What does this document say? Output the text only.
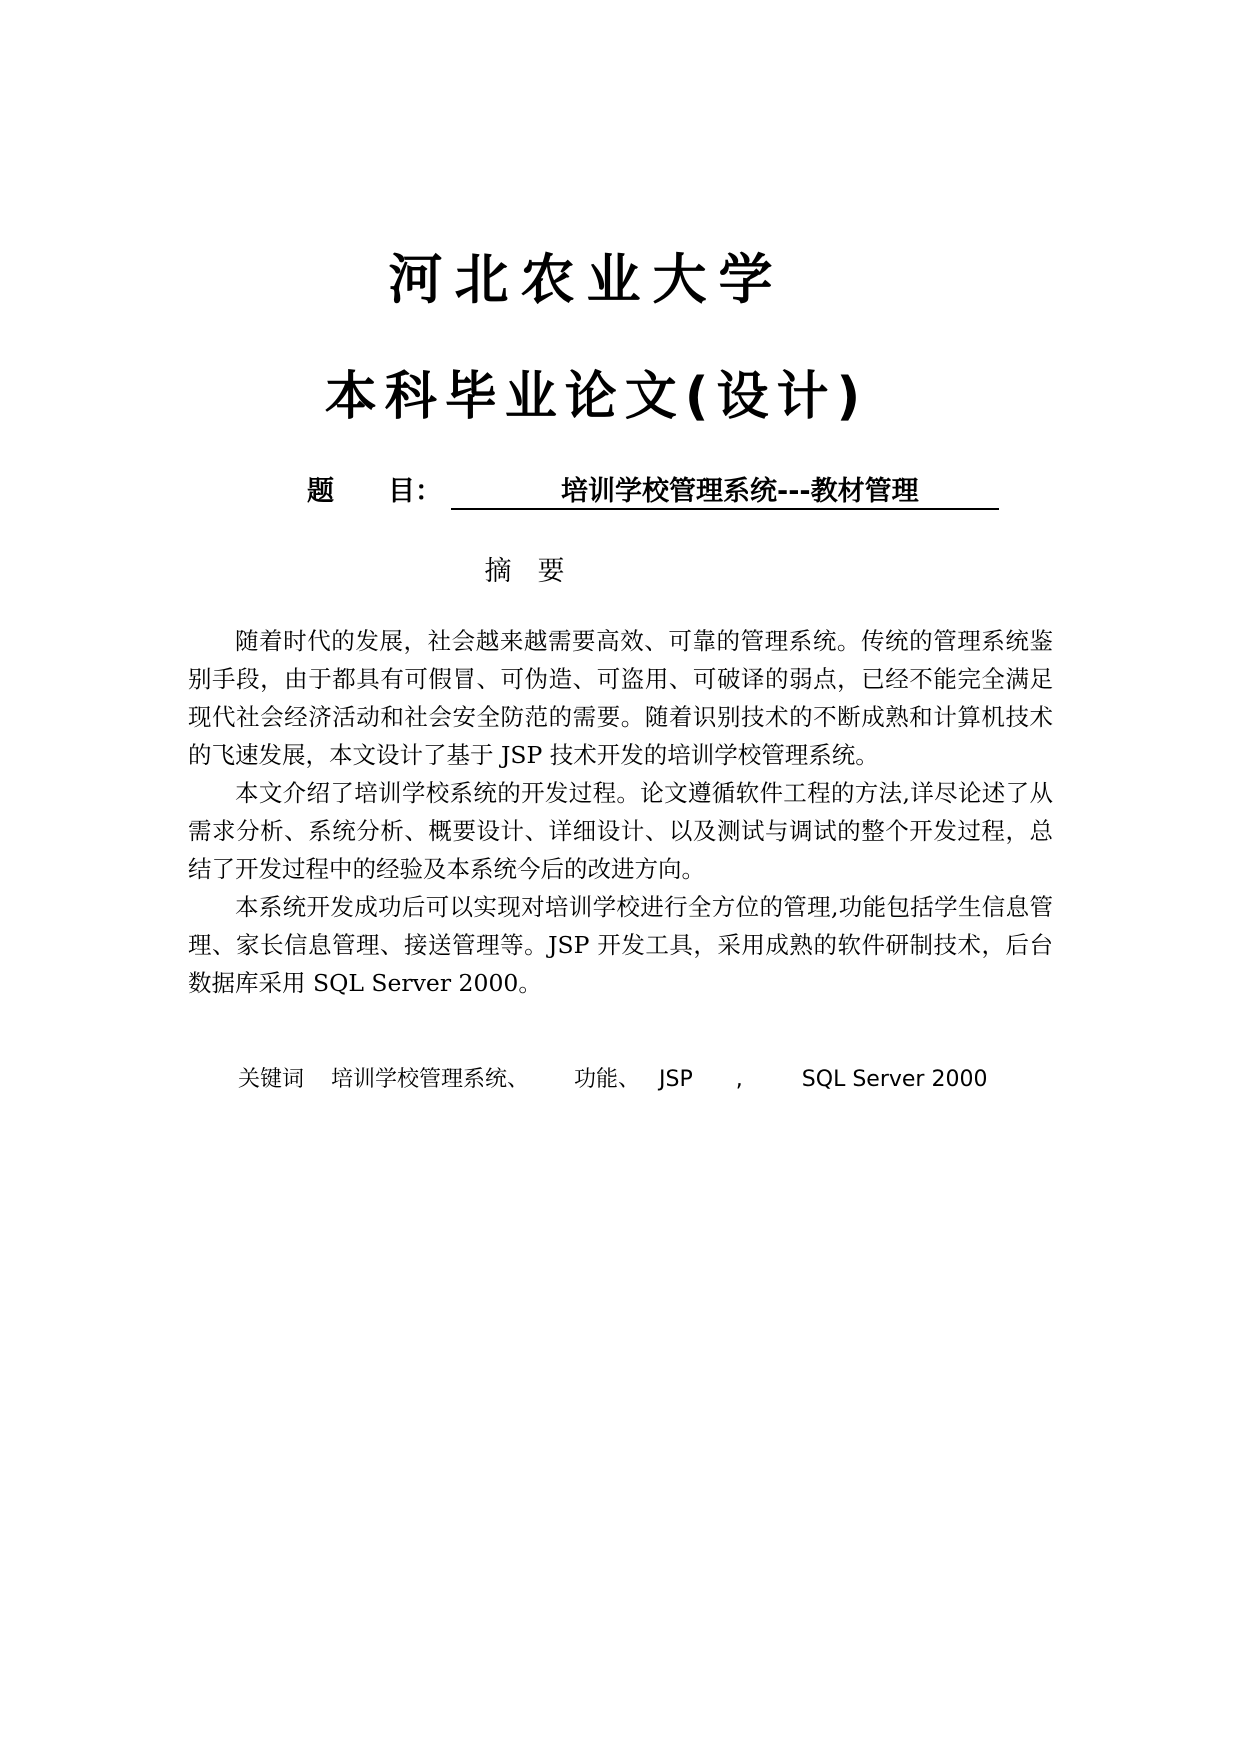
河北农业大学
本科毕业论文(设计)
题　　目：	培训学校管理系统---教材管理
摘要

随着时代的发展，社会越来越需要高效、可靠的管理系统。传统的管理系统鉴别手段，由于都具有可假冒、可伪造、可盗用、可破译的弱点，已经不能完全满足现代社会经济活动和社会安全防范的需要。随着识别技术的不断成熟和计算机技术的飞速发展，本文设计了基于 JSP 技术开发的培训学校管理系统。

本文介绍了培训学校系统的开发过程。论文遵循软件工程的方法,详尽论述了从需求分析、系统分析、概要设计、详细设计、以及测试与调试的整个开发过程，总结了开发过程中的经验及本系统今后的改进方向。

本系统开发成功后可以实现对培训学校进行全方位的管理,功能包括学生信息管理、家长信息管理、接送管理等。JSP 开发工具，采用成熟的软件研制技术，后台数据库采用 SQL Server 2000。

关键词 培训学校管理系统、 功能、 JSP ,	SQL Server 2000
